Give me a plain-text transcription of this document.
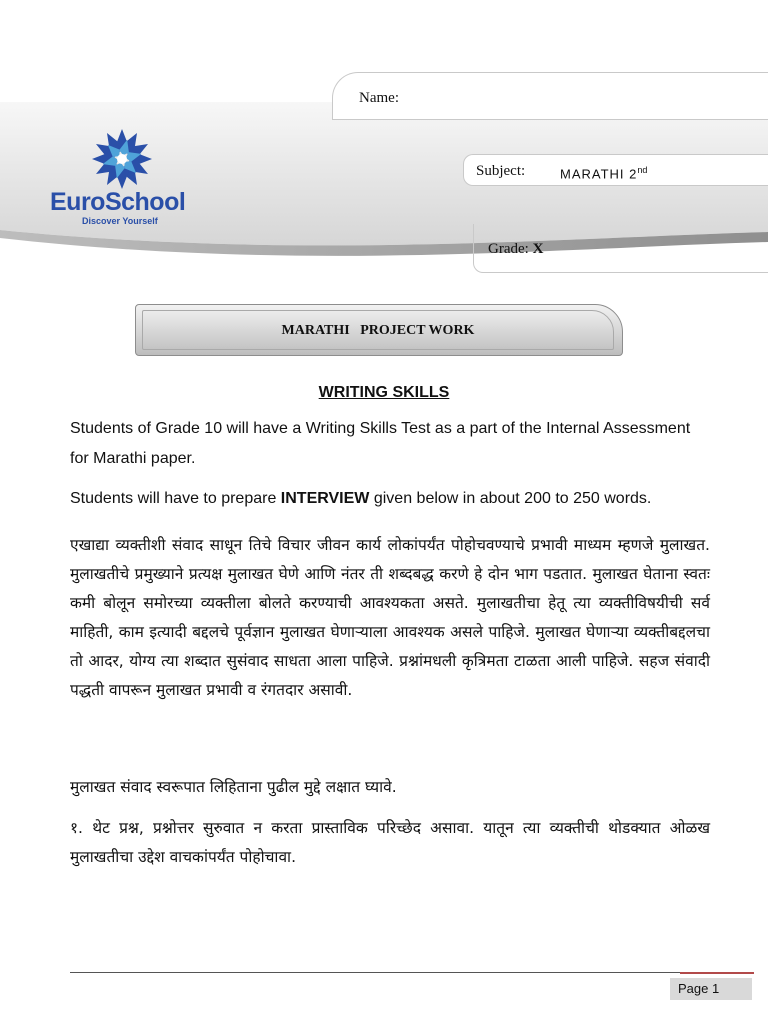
Name:
EuroSchool
Discover Yourself
Subject:	MARATHI 2nd
Grade: X
MARATHI   PROJECT WORK
WRITING SKILLS
Students of Grade 10 will have a Writing Skills Test as a part of the Internal Assessment for Marathi paper.
Students will have to prepare INTERVIEW given below in about 200 to 250 words.
एखाद्या व्यक्तीशी संवाद साधून तिचे विचार जीवन कार्य लोकांपर्यंत पोहोचवण्याचे प्रभावी माध्यम म्हणजे मुलाखत. मुलाखतीचे प्रमुख्याने प्रत्यक्ष मुलाखत घेणे आणि नंतर ती शब्दबद्ध करणे हे दोन भाग पडतात. मुलाखत घेताना स्वतः कमी बोलून समोरच्या व्यक्तीला बोलते करण्याची आवश्यकता असते. मुलाखतीचा हेतू त्या व्यक्तीविषयीची सर्व माहिती, काम इत्यादी बद्दलचे पूर्वज्ञान मुलाखत घेणाऱ्याला आवश्यक असले पाहिजे. मुलाखत घेणाऱ्या व्यक्तीबद्दलचा तो आदर, योग्य त्या शब्दात सुसंवाद साधता आला पाहिजे. प्रश्नांमधली कृत्रिमता टाळता आली पाहिजे. सहज संवादी पद्धती वापरून मुलाखत प्रभावी व रंगतदार असावी.
मुलाखत संवाद स्वरूपात लिहिताना पुढील मुद्दे लक्षात घ्यावे.
१. थेट प्रश्न, प्रश्नोत्तर सुरुवात न करता प्रास्ताविक परिच्छेद असावा. यातून त्या व्यक्तीची थोडक्यात ओळख मुलाखतीचा उद्देश वाचकांपर्यंत पोहोचावा.
Page 1
